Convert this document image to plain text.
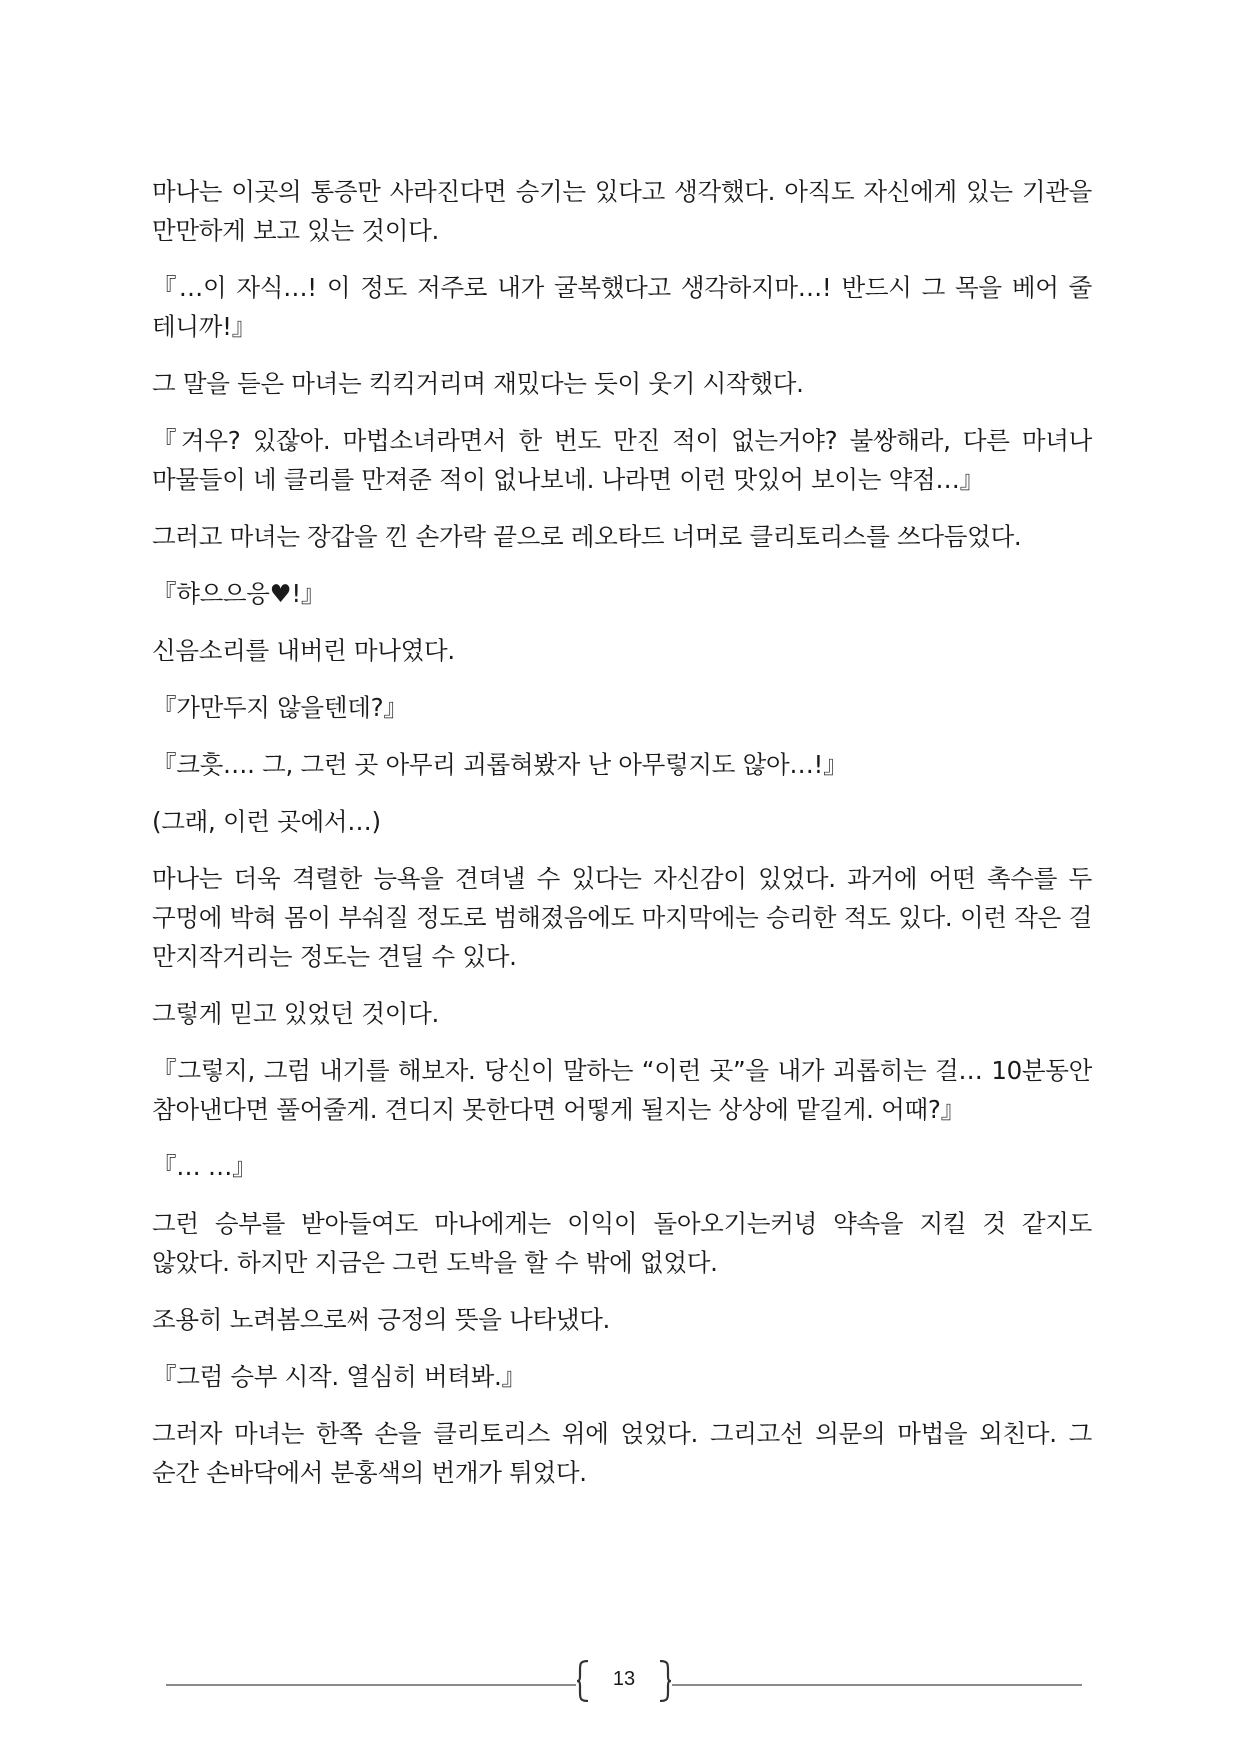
마나는 이곳의 통증만 사라진다면 승기는 있다고 생각했다. 아직도 자신에게 있는 기관을 만만하게 보고 있는 것이다.

『…이 자식…! 이 정도 저주로 내가 굴복했다고 생각하지마…! 반드시 그 목을 베어 줄 테니까!』

그 말을 듣은 마녀는 킥킥거리며 재밌다는 듯이 웃기 시작했다.

『겨우? 있잖아. 마법소녀라면서 한 번도 만진 적이 없는거야? 불쌍해라, 다른 마녀나 마물들이 네 클리를 만져준 적이 없나보네. 나라면 이런 맛있어 보이는 약점…』

그러고 마녀는 장갑을 낀 손가락 끝으로 레오타드 너머로 클리토리스를 쓰다듬었다.

『햐으으응♥!』

신음소리를 내버린 마나였다.

『가만두지 않을텐데?』

『크흣…. 그, 그런 곳 아무리 괴롭혀봤자 난 아무렇지도 않아…!』

(그래, 이런 곳에서…)

마나는 더욱 격렬한 능욕을 견뎌낼 수 있다는 자신감이 있었다. 과거에 어떤 촉수를 두 구멍에 박혀 몸이 부숴질 정도로 범해졌음에도 마지막에는 승리한 적도 있다. 이런 작은 걸 만지작거리는 정도는 견딜 수 있다.

그렇게 믿고 있었던 것이다.

『그렇지, 그럼 내기를 해보자. 당신이 말하는 “이런 곳”을 내가 괴롭히는 걸… 10분동안 참아낸다면 풀어줄게. 견디지 못한다면 어떻게 될지는 상상에 맡길게. 어때?』

『… …』

그런 승부를 받아들여도 마나에게는 이익이 돌아오기는커녕 약속을 지킬 것 같지도 않았다. 하지만 지금은 그런 도박을 할 수 밖에 없었다.

조용히 노려봄으로써 긍정의 뜻을 나타냈다.

『그럼 승부 시작. 열심히 버텨봐.』

그러자 마녀는 한쪽 손을 클리토리스 위에 얹었다. 그리고선 의문의 마법을 외친다. 그 순간 손바닥에서 분홍색의 번개가 튀었다.

13
